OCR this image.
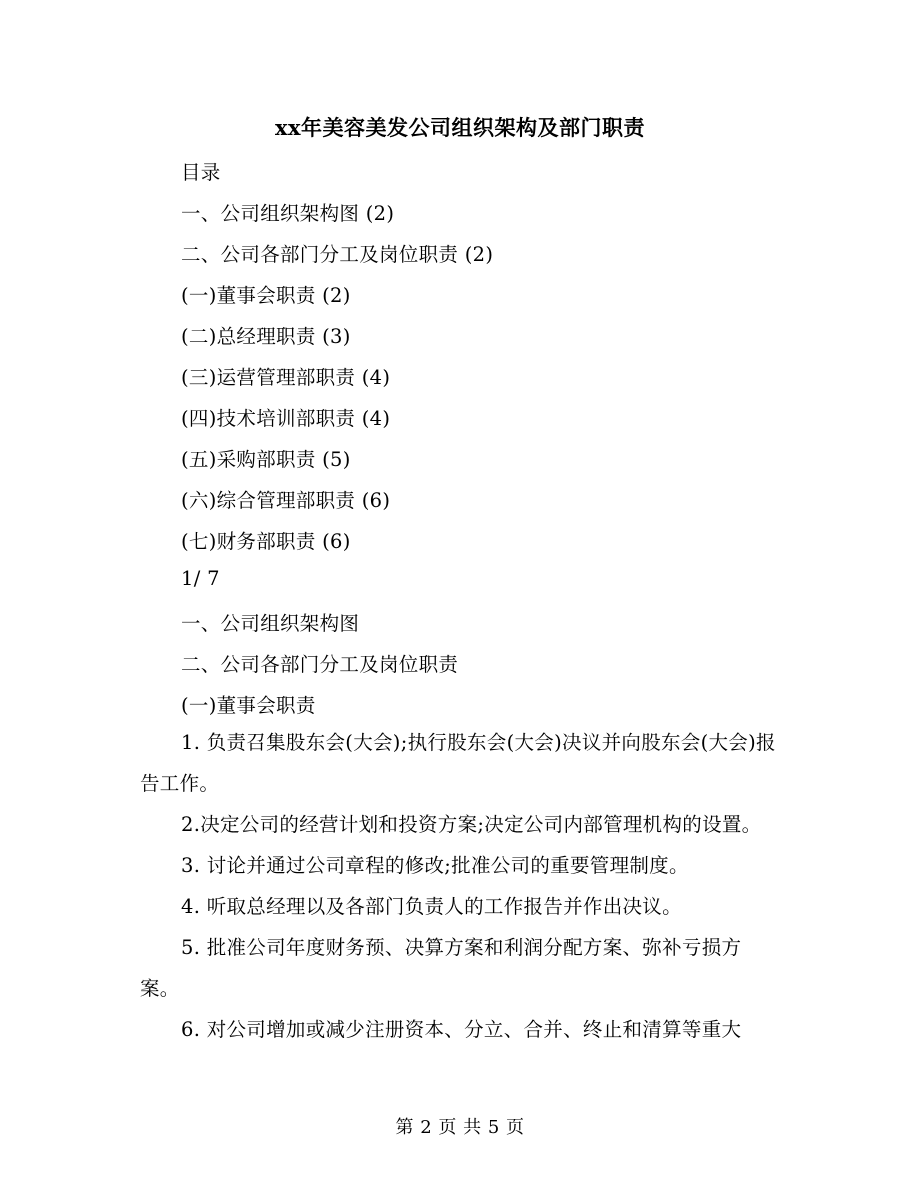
xx年美容美发公司组织架构及部门职责
目录
一、公司组织架构图 (2)
二、公司各部门分工及岗位职责 (2)
(一)董事会职责 (2)
(二)总经理职责 (3)
(三)运营管理部职责 (4)
(四)技术培训部职责 (4)
(五)采购部职责 (5)
(六)综合管理部职责 (6)
(七)财务部职责 (6)
1/ 7
一、公司组织架构图
二、公司各部门分工及岗位职责
(一)董事会职责
1. 负责召集股东会(大会);执行股东会(大会)决议并向股东会(大会)报告工作。
2.决定公司的经营计划和投资方案;决定公司内部管理机构的设置。
3. 讨论并通过公司章程的修改;批准公司的重要管理制度。
4. 听取总经理以及各部门负责人的工作报告并作出决议。
5. 批准公司年度财务预、决算方案和利润分配方案、弥补亏损方案。
6. 对公司增加或减少注册资本、分立、合并、终止和清算等重大
第 2 页 共 5 页
